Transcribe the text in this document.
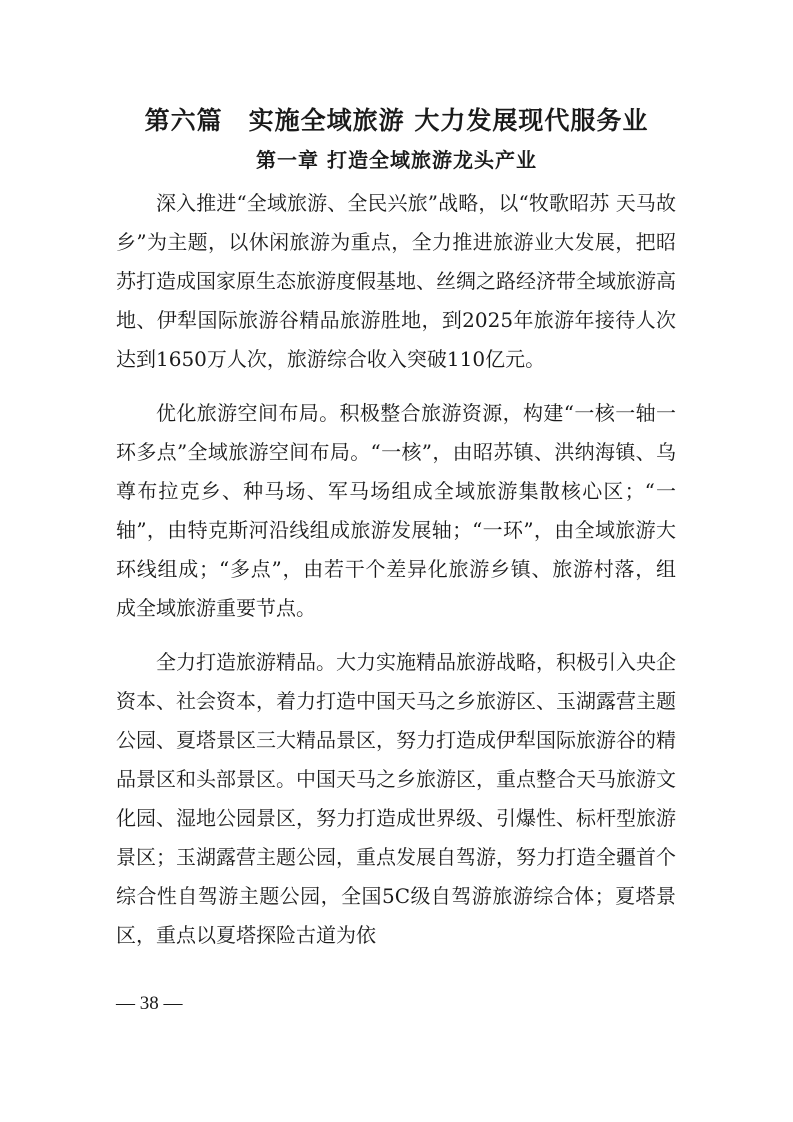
第六篇　实施全域旅游 大力发展现代服务业
第一章 打造全域旅游龙头产业

深入推进“全域旅游、全民兴旅”战略，以“牧歌昭苏 天马故乡”为主题，以休闲旅游为重点，全力推进旅游业大发展，把昭苏打造成国家原生态旅游度假基地、丝绸之路经济带全域旅游高地、伊犁国际旅游谷精品旅游胜地，到2025年旅游年接待人次达到1650万人次，旅游综合收入突破110亿元。

优化旅游空间布局。积极整合旅游资源，构建“一核一轴一环多点”全域旅游空间布局。“一核”，由昭苏镇、洪纳海镇、乌尊布拉克乡、种马场、军马场组成全域旅游集散核心区；“一轴”，由特克斯河沿线组成旅游发展轴；“一环”，由全域旅游大环线组成；“多点”，由若干个差异化旅游乡镇、旅游村落，组成全域旅游重要节点。

全力打造旅游精品。大力实施精品旅游战略，积极引入央企资本、社会资本，着力打造中国天马之乡旅游区、玉湖露营主题公园、夏塔景区三大精品景区，努力打造成伊犁国际旅游谷的精品景区和头部景区。中国天马之乡旅游区，重点整合天马旅游文化园、湿地公园景区，努力打造成世界级、引爆性、标杆型旅游景区；玉湖露营主题公园，重点发展自驾游，努力打造全疆首个综合性自驾游主题公园，全国5C级自驾游旅游综合体；夏塔景区，重点以夏塔探险古道为依

— 38 —
